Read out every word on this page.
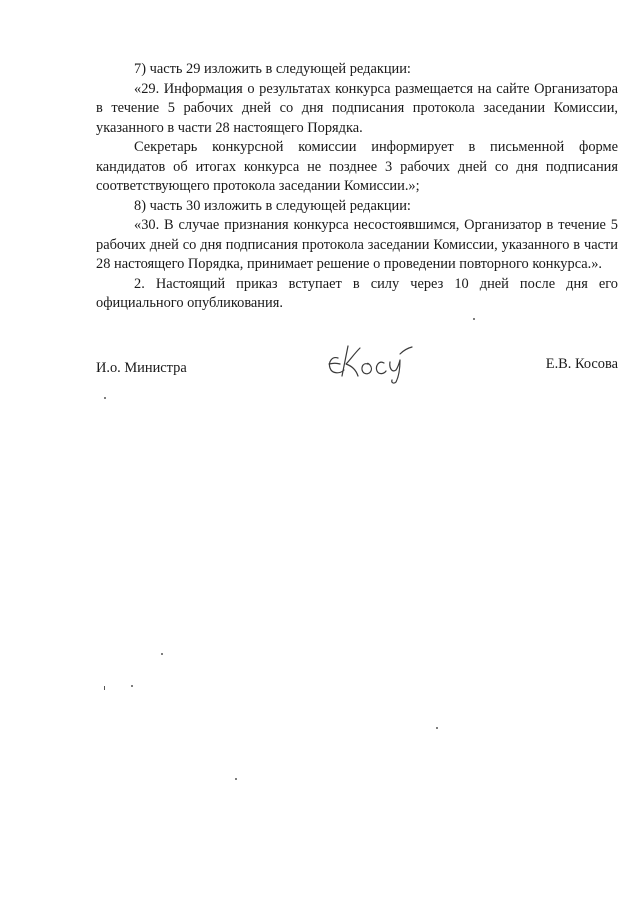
7) часть 29 изложить в следующей редакции:

«29. Информация о результатах конкурса размещается на сайте Организатора в течение 5 рабочих дней со дня подписания протокола заседании Комиссии, указанного в части 28 настоящего Порядка.

Секретарь конкурсной комиссии информирует в письменной форме кандидатов об итогах конкурса не позднее 3 рабочих дней со дня подписания соответствующего протокола заседании Комиссии.»;

8) часть 30 изложить в следующей редакции:

«30. В случае признания конкурса несостоявшимся, Организатор в течение 5 рабочих дней со дня подписания протокола заседании Комиссии, указанного в части 28 настоящего Порядка, принимает решение о проведении повторного конкурса.».

2. Настоящий приказ вступает в силу через 10 дней после дня его официального опубликования.

И.о. Министра	Е.В. Косова
